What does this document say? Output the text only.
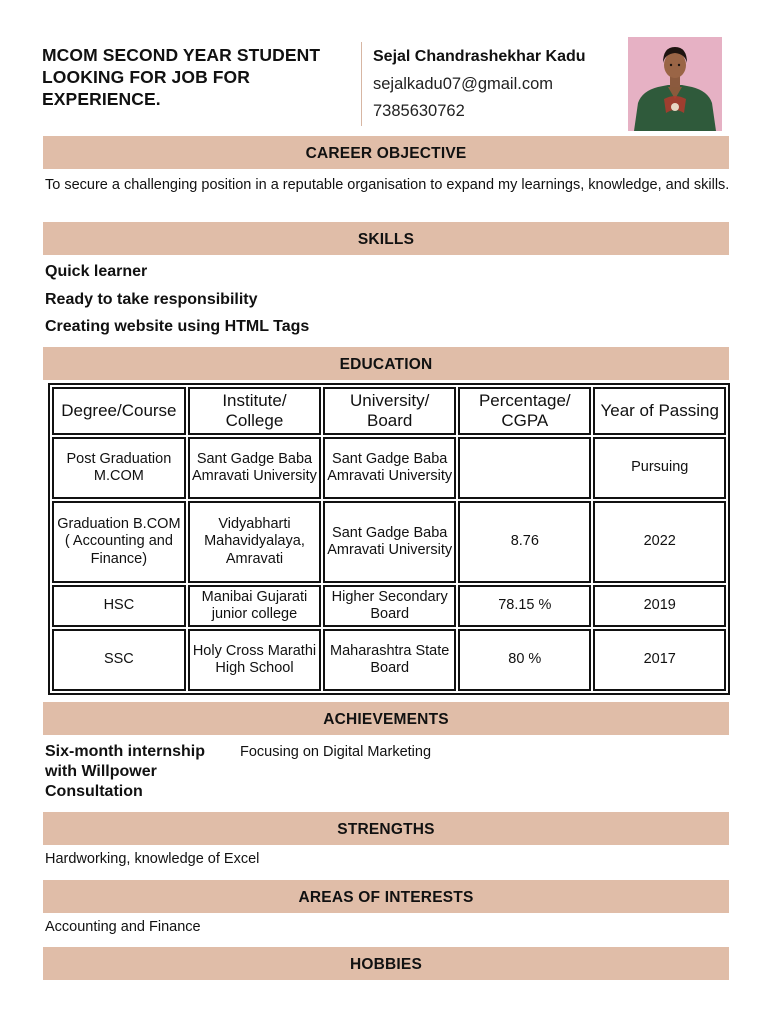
MCOM SECOND YEAR STUDENT LOOKING FOR JOB FOR EXPERIENCE.
Sejal Chandrashekhar Kadu
sejalkadu07@gmail.com
7385630762
CAREER OBJECTIVE
To secure a challenging position in a reputable organisation to expand my learnings, knowledge, and skills.
SKILLS
Quick learner
Ready to take responsibility
Creating website using HTML Tags
EDUCATION
Degree/Course	Institute/ College	University/ Board	Percentage/ CGPA	Year of Passing
Post Graduation M.COM	Sant Gadge Baba Amravati University	Sant Gadge Baba Amravati University		Pursuing
Graduation B.COM ( Accounting and Finance)	Vidyabharti Mahavidyalaya, Amravati	Sant Gadge Baba Amravati University	8.76	2022
HSC	Manibai Gujarati junior college	Higher Secondary Board	78.15 %	2019
SSC	Holy Cross Marathi High School	Maharashtra State Board	80 %	2017
ACHIEVEMENTS
Six-month internship with Willpower Consultation
Focusing on Digital Marketing
STRENGTHS
Hardworking, knowledge of Excel
AREAS OF INTERESTS
Accounting and Finance
HOBBIES
